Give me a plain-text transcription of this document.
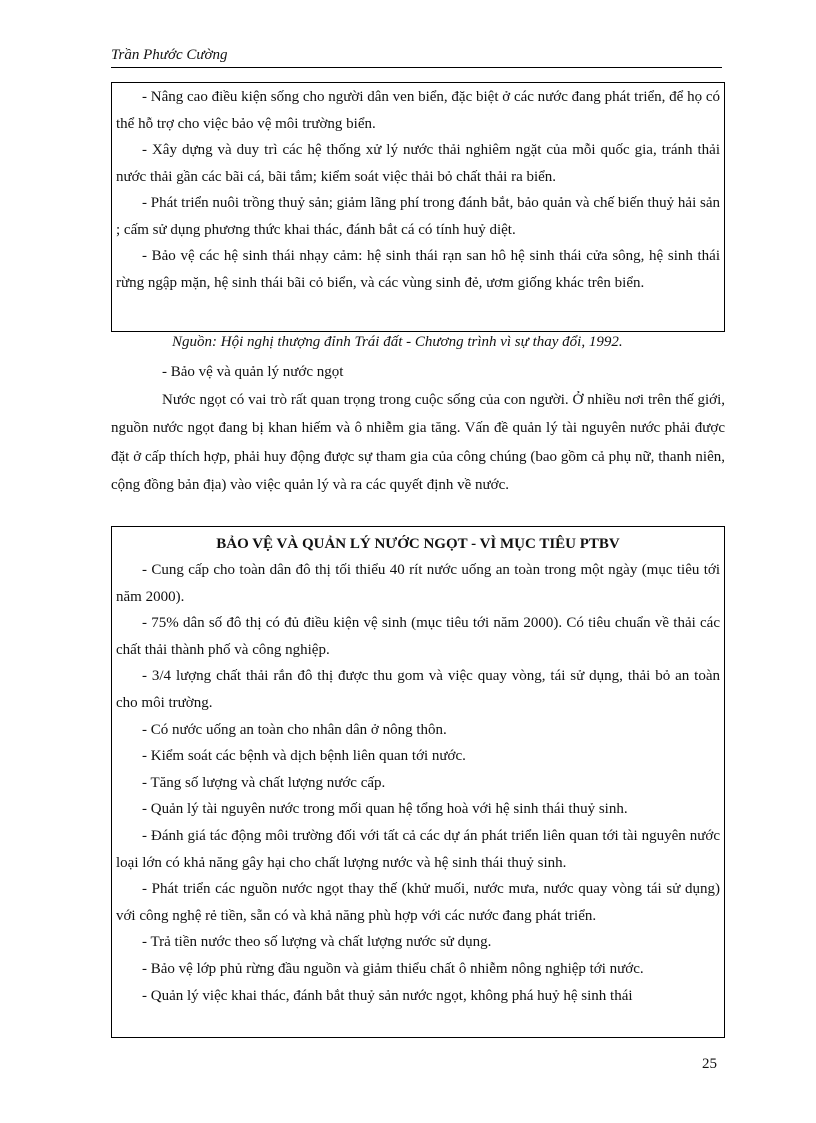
Trần Phước Cường

- Nâng cao điều kiện sống cho người dân ven biển, đặc biệt ở các nước đang phát triển, để họ có thể hỗ trợ cho việc bảo vệ môi trường biển.

- Xây dựng và duy trì các hệ thống xử lý nước thải nghiêm ngặt của mỗi quốc gia, tránh thải nước thải gần các bãi cá, bãi tắm; kiểm soát việc thải bỏ chất thải ra biển.

- Phát triển nuôi trồng thuỷ sản; giảm lãng phí trong đánh bắt, bảo quản và chế biến thuỷ hải sản ; cấm sử dụng phương thức khai thác, đánh bắt cá có tính huỷ diệt.

- Bảo vệ các hệ sinh thái nhạy cảm: hệ sinh thái rạn san hô hệ sinh thái cửa sông, hệ sinh thái rừng ngập mặn, hệ sinh thái bãi cỏ biển, và các vùng sinh đẻ, ươm giống khác trên biển.

Nguồn: Hội nghị thượng đỉnh Trái đất - Chương trình vì sự thay đổi, 1992.

- Bảo vệ và quản lý nước ngọt

Nước ngọt có vai trò rất quan trọng trong cuộc sống của con người. Ở nhiều nơi trên thế giới, nguồn nước ngọt đang bị khan hiếm và ô nhiễm gia tăng. Vấn đề quản lý tài nguyên nước phải được đặt ở cấp thích hợp, phải huy động được sự tham gia của công chúng (bao gồm cả phụ nữ, thanh niên, cộng đồng bản địa) vào việc quản lý và ra các quyết định về nước.

BẢO VỆ VÀ QUẢN LÝ NƯỚC NGỌT - VÌ MỤC TIÊU PTBV

- Cung cấp cho toàn dân đô thị tối thiểu 40 rít nước uống an toàn trong một ngày (mục tiêu tới năm 2000).

- 75% dân số đô thị có đủ điều kiện vệ sinh (mục tiêu tới năm 2000). Có tiêu chuẩn về thải các chất thải thành phố và công nghiệp.

- 3/4 lượng chất thải rắn đô thị được thu gom và việc quay vòng, tái sử dụng, thải bỏ an toàn cho môi trường.

- Có nước uống an toàn cho nhân dân ở nông thôn.

- Kiểm soát các bệnh và dịch bệnh liên quan tới nước.

- Tăng số lượng và chất lượng nước cấp.

- Quản lý tài nguyên nước trong mối quan hệ tổng hoà với hệ sinh thái thuỷ sinh.

- Đánh giá tác động môi trường đối với tất cả các dự án phát triển liên quan tới tài nguyên nước loại lớn có khả năng gây hại cho chất lượng nước và hệ sinh thái thuỷ sinh.

- Phát triển các nguồn nước ngọt thay thế (khử muối, nước mưa, nước quay vòng tái sử dụng) với công nghệ rẻ tiền, sẵn có và khả năng phù hợp với các nước đang phát triển.

- Trả tiền nước theo số lượng và chất lượng nước sử dụng.

- Bảo vệ lớp phủ rừng đầu nguồn và giảm thiểu chất ô nhiễm nông nghiệp tới nước.

- Quản lý việc khai thác, đánh bắt thuỷ sản nước ngọt, không phá huỷ hệ sinh thái

25
